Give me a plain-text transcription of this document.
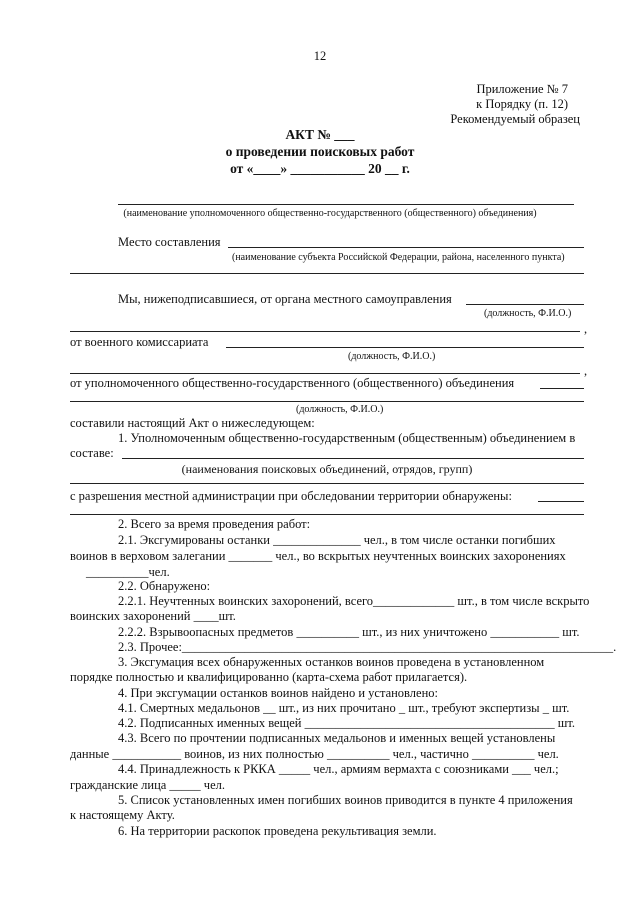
12
Приложение № 7
к Порядку (п. 12)
Рекомендуемый образец
АКТ № ___
о проведении поисковых работ
от «____» ___________ 20 __ г.
(наименование уполномоченного общественно-государственного (общественного) объединения)
Место составления
(наименование субъекта Российской Федерации, района, населенного пункта)
Мы, нижеподписавшиеся, от органа местного самоуправления
(должность, Ф.И.О.)
,
от военного комиссариата
(должность, Ф.И.О.)
,
от уполномоченного общественно-государственного (общественного) объединения
(должность, Ф.И.О.)
составили настоящий Акт о нижеследующем:
1. Уполномоченным общественно-государственным (общественным) объединением в
составе:
(наименования поисковых объединений, отрядов, групп)
с разрешения местной администрации при обследовании территории обнаружены:
2. Всего за время проведения работ:
2.1. Эксгумированы останки ______________ чел., в том числе останки погибших
воинов в верховом залегании _______ чел., во вскрытых неучтенных воинских захоронениях
__________чел.
2.2. Обнаружено:
2.2.1. Неучтенных воинских захоронений, всего_____________ шт., в том числе вскрыто
воинских захоронений ____шт.
2.2.2. Взрывоопасных предметов __________ шт., из них уничтожено ___________ шт.
2.3. Прочее:_____________________________________________________________________.
3. Эксгумация всех обнаруженных останков воинов проведена в установленном
порядке полностью и квалифицированно (карта-схема работ прилагается).
4. При эксгумации останков воинов найдено и установлено:
4.1. Смертных медальонов __ шт., из них прочитано _ шт., требуют экспертизы _ шт.
4.2. Подписанных именных вещей ________________________________________ шт.
4.3. Всего по прочтении подписанных медальонов и именных вещей установлены
данные ___________ воинов, из них полностью __________ чел., частично __________ чел.
4.4. Принадлежность к РККА _____ чел., армиям вермахта с союзниками ___ чел.;
гражданские лица _____ чел.
5. Список установленных имен погибших воинов приводится в пункте 4 приложения
к настоящему Акту.
6. На территории раскопок проведена рекультивация земли.
